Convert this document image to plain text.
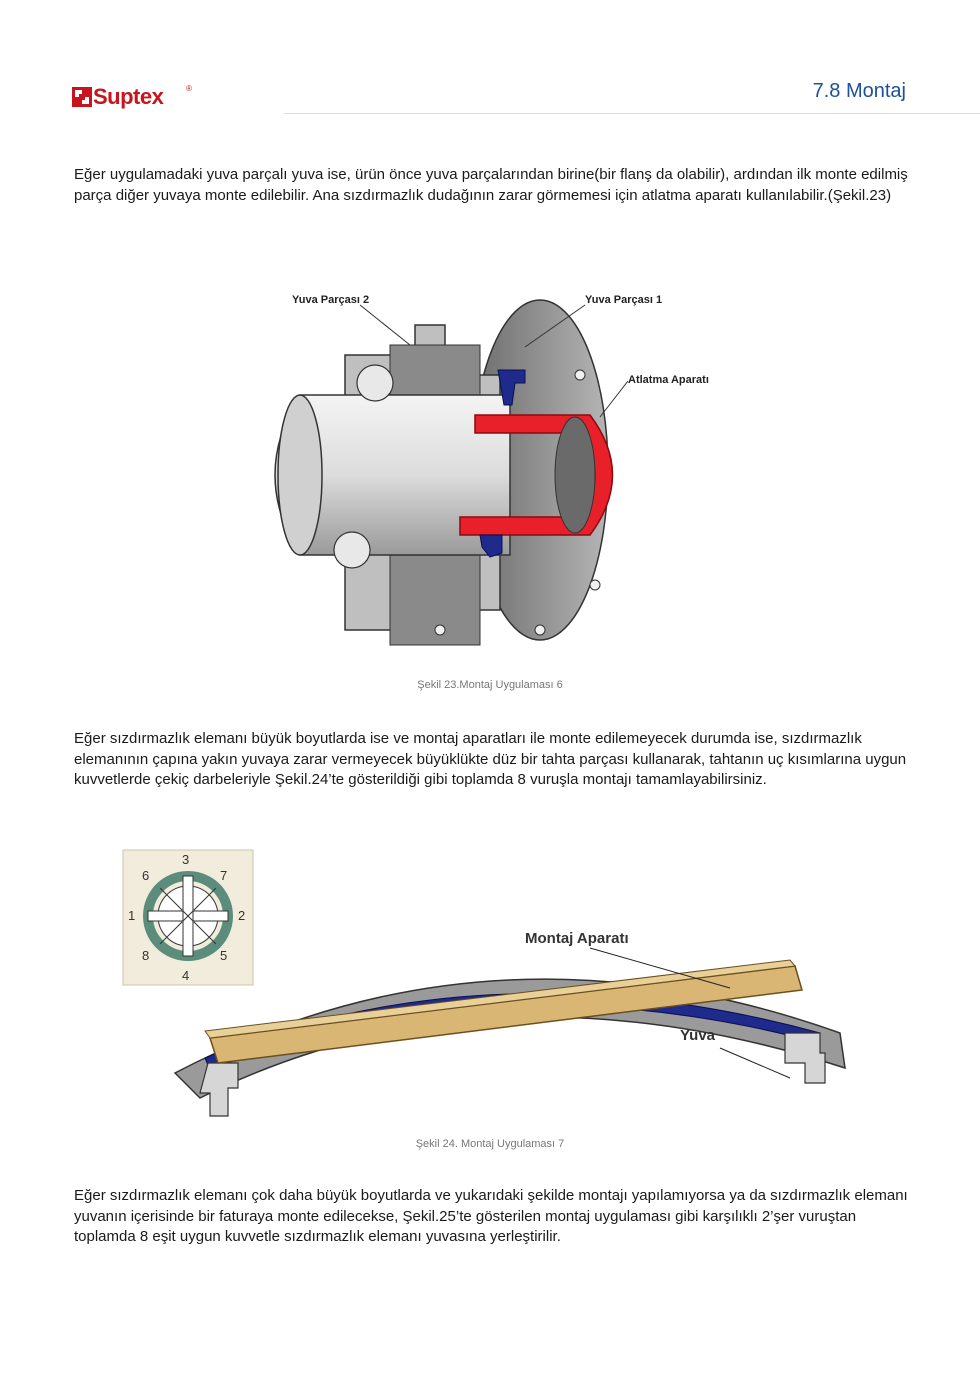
Suptex	®	7.8 Montaj
Eğer uygulamadaki yuva parçalı yuva ise, ürün önce yuva parçalarından birine(bir flanş da olabilir), ardından ilk monte edilmiş parça diğer yuvaya monte edilebilir. Ana sızdırmazlık dudağının zarar görmemesi için atlatma aparatı kullanılabilir.(Şekil.23)
Yuva Parçası 2	Yuva Parçası 1
Atlatma Aparatı
Şekil 23.Montaj Uygulaması 6
Eğer sızdırmazlık elemanı büyük boyutlarda ise ve montaj aparatları ile monte edilemeyecek durumda ise, sızdırmazlık elemanının çapına yakın yuvaya zarar vermeyecek büyüklükte düz bir tahta parçası kullanarak, tahtanın uç kısımlarına uygun kuvvetlerde çekiç darbeleriyle Şekil.24’te gösterildiği gibi toplamda 8 vuruşla montajı tamamlayabilirsiniz.
1	2
3
4
5
6	7
8
Montaj Aparatı
Yuva
Şekil 24. Montaj Uygulaması 7
Eğer sızdırmazlık elemanı çok daha büyük boyutlarda ve yukarıdaki şekilde montajı yapılamıyorsa ya da sızdırmazlık elemanı yuvanın içerisinde bir faturaya monte edilecekse, Şekil.25’te gösterilen montaj uygulaması gibi karşılıklı 2’şer vuruştan toplamda 8 eşit uygun kuvvetle sızdırmazlık elemanı yuvasına yerleştirilir.
